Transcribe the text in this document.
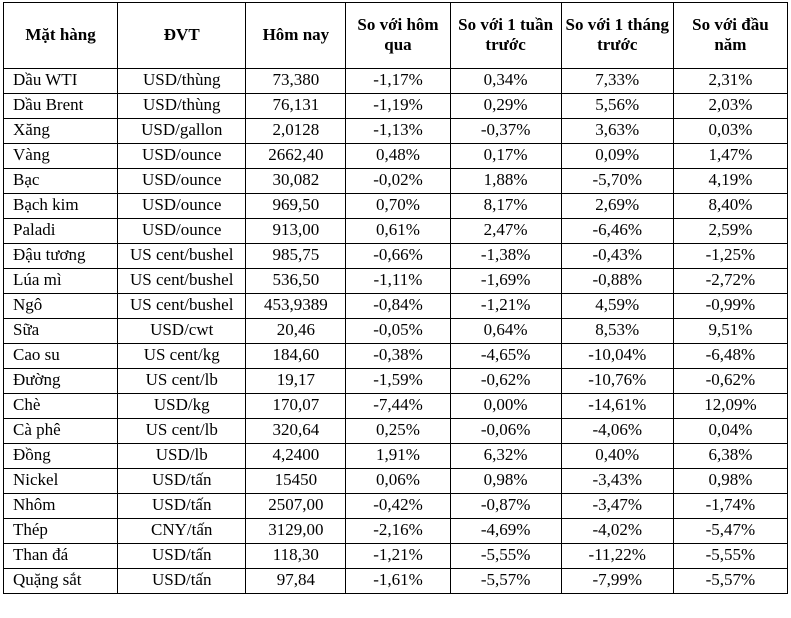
Mặt hàng	ĐVT	Hôm nay	So với hôm qua	So với 1 tuần trước	So với 1 tháng trước	So với đầu năm
Dầu WTI	USD/thùng	73,380	-1,17%	0,34%	7,33%	2,31%
Dầu Brent	USD/thùng	76,131	-1,19%	0,29%	5,56%	2,03%
Xăng	USD/gallon	2,0128	-1,13%	-0,37%	3,63%	0,03%
Vàng	USD/ounce	2662,40	0,48%	0,17%	0,09%	1,47%
Bạc	USD/ounce	30,082	-0,02%	1,88%	-5,70%	4,19%
Bạch kim	USD/ounce	969,50	0,70%	8,17%	2,69%	8,40%
Paladi	USD/ounce	913,00	0,61%	2,47%	-6,46%	2,59%
Đậu tương	US cent/bushel	985,75	-0,66%	-1,38%	-0,43%	-1,25%
Lúa mì	US cent/bushel	536,50	-1,11%	-1,69%	-0,88%	-2,72%
Ngô	US cent/bushel	453,9389	-0,84%	-1,21%	4,59%	-0,99%
Sữa	USD/cwt	20,46	-0,05%	0,64%	8,53%	9,51%
Cao su	US cent/kg	184,60	-0,38%	-4,65%	-10,04%	-6,48%
Đường	US cent/lb	19,17	-1,59%	-0,62%	-10,76%	-0,62%
Chè	USD/kg	170,07	-7,44%	0,00%	-14,61%	12,09%
Cà phê	US cent/lb	320,64	0,25%	-0,06%	-4,06%	0,04%
Đồng	USD/lb	4,2400	1,91%	6,32%	0,40%	6,38%
Nickel	USD/tấn	15450	0,06%	0,98%	-3,43%	0,98%
Nhôm	USD/tấn	2507,00	-0,42%	-0,87%	-3,47%	-1,74%
Thép	CNY/tấn	3129,00	-2,16%	-4,69%	-4,02%	-5,47%
Than đá	USD/tấn	118,30	-1,21%	-5,55%	-11,22%	-5,55%
Quặng sắt	USD/tấn	97,84	-1,61%	-5,57%	-7,99%	-5,57%
